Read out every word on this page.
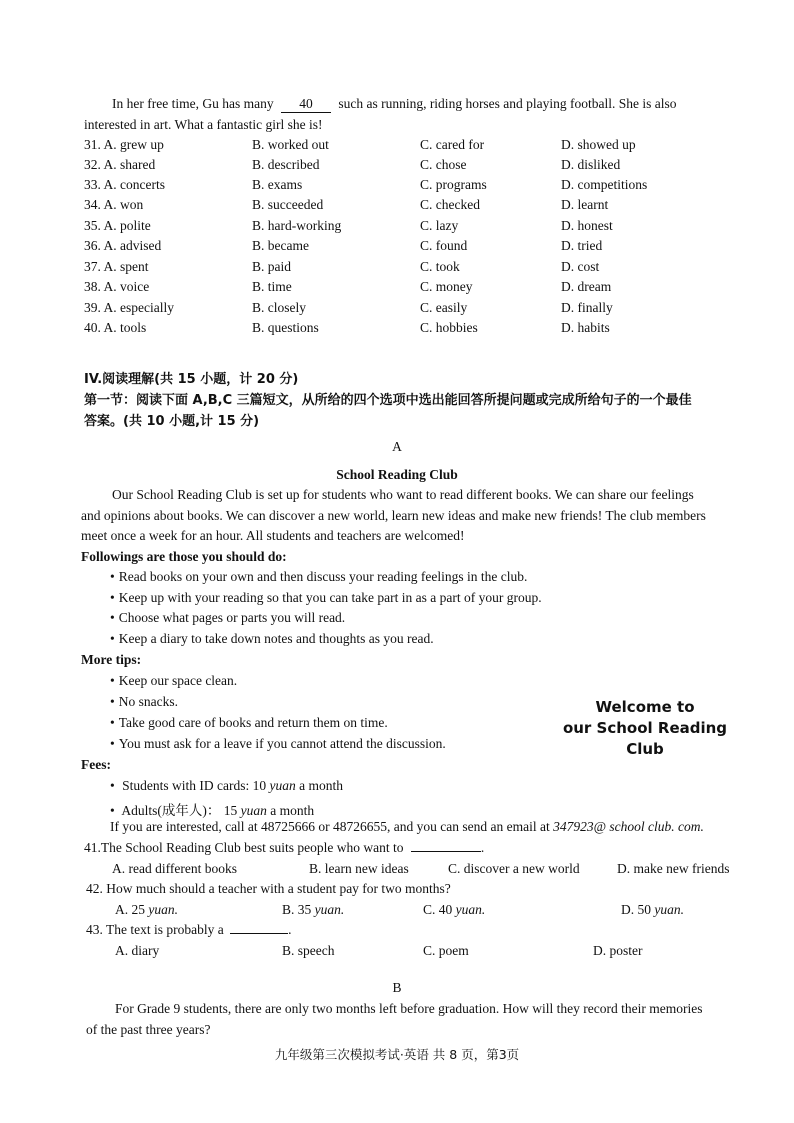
In her free time, Gu has many 40 such as running, riding horses and playing football. She is also
interested in art. What a fantastic girl she is!
31. A. grew up	B. worked out	C. cared for	D. showed up
32. A. shared	B. described	C. chose	D. disliked
33. A. concerts	B. exams	C. programs	D. competitions
34. A. won	B. succeeded	C. checked	D. learnt
35. A. polite	B. hard-working	C. lazy	D. honest
36. A. advised	B. became	C. found	D. tried
37. A. spent	B. paid	C. took	D. cost
38. A. voice	B. time	C. money	D. dream
39. A. especially	B. closely	C. easily	D. finally
40. A. tools	B. questions	C. hobbies	D. habits
IV.阅读理解(共 15 小题，计 20 分)
第一节：阅读下面 A,B,C 三篇短文，从所给的四个选项中选出能回答所提问题或完成所给句子的一个最佳
答案。(共 10 小题,计 15 分)
A
School Reading Club
Our School Reading Club is set up for students who want to read different books. We can share our feelings
and opinions about books. We can discover a new world, learn new ideas and make new friends! The club members
meet once a week for an hour. All students and teachers are welcomed!
Followings are those you should do:
• Read books on your own and then discuss your reading feelings in the club.
• Keep up with your reading so that you can take part in as a part of your group.
• Choose what pages or parts you will read.
• Keep a diary to take down notes and thoughts as you read.
More tips:
• Keep our space clean.
• No snacks.
• Take good care of books and return them on time.
• You must ask for a leave if you cannot attend the discussion.
Welcome to
our School Reading Club
Fees:
• Students with ID cards: 10 yuan a month
• Adults(成年人)： 15 yuan a month
If you are interested, call at 48725666 or 48726655, and you can send an email at 347923@ school club. com.
41.The School Reading Club best suits people who want to	.
A. read different books	B. learn new ideas	C. discover a new world	D. make new friends
42. How much should a teacher with a student pay for two months?
A. 25 yuan.	B. 35 yuan.	C. 40 yuan.	D. 50 yuan.
43. The text is probably a	.
A. diary	B. speech	C. poem	D. poster
B
For Grade 9 students, there are only two months left before graduation. How will they record their memories
of the past three years?
九年级第三次模拟考试·英语 共 8 页，第3页
